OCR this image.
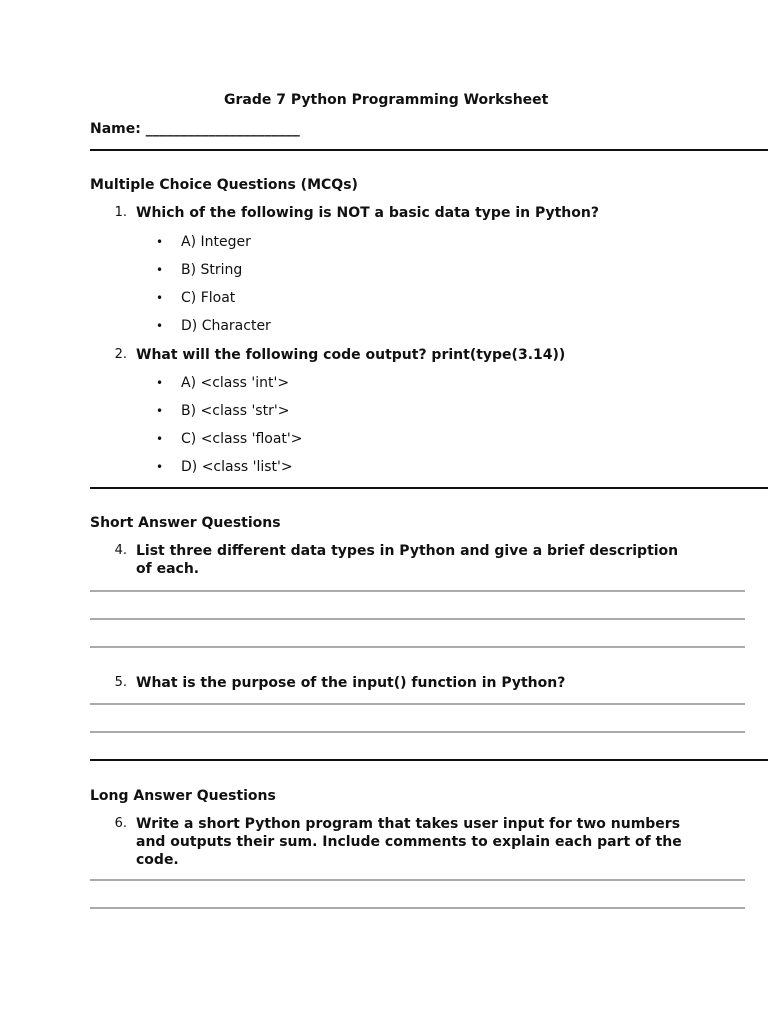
Grade 7 Python Programming Worksheet
Name: ______________________
Multiple Choice Questions (MCQs)
1. Which of the following is NOT a basic data type in Python?
• A) Integer
• B) String
• C) Float
• D) Character
2. What will the following code output? print(type(3.14))
• A) <class 'int'>
• B) <class 'str'>
• C) <class 'float'>
• D) <class 'list'>
Short Answer Questions
4. List three different data types in Python and give a brief description of each.
5. What is the purpose of the input() function in Python?
Long Answer Questions
6. Write a short Python program that takes user input for two numbers and outputs their sum. Include comments to explain each part of the code.
